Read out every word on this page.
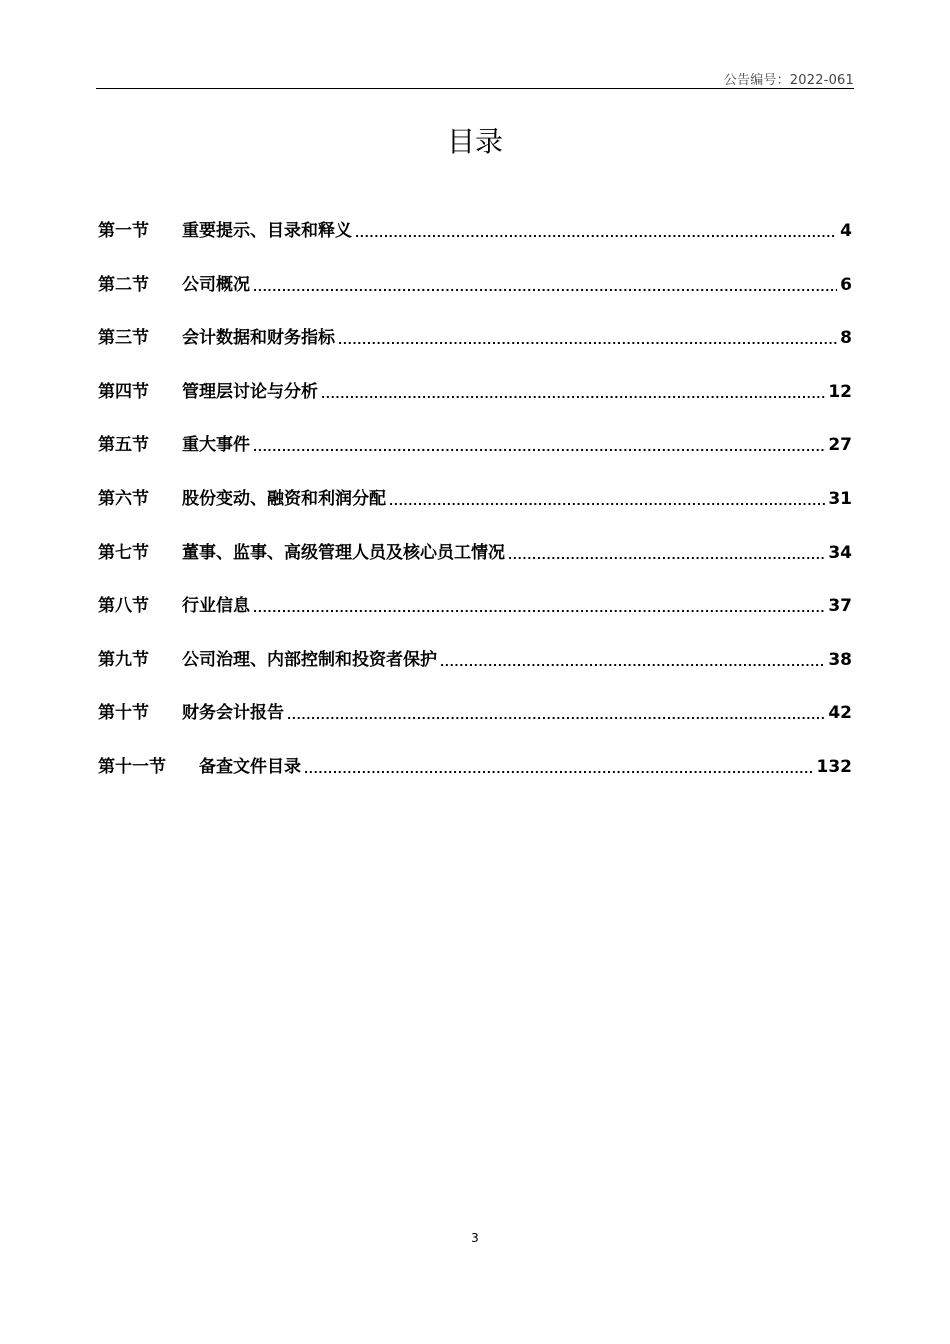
公告编号：2022-061
目录
第一节	重要提示、目录和释义 . . .	4
第二节	公司概况 . . .	6
第三节	会计数据和财务指标 . . .	8
第四节	管理层讨论与分析 . . .	12
第五节	重大事件 . . .	27
第六节	股份变动、融资和利润分配 . . .	31
第七节	董事、监事、高级管理人员及核心员工情况 . . .	34
第八节	行业信息 . . .	37
第九节	公司治理、内部控制和投资者保护 . . .	38
第十节	财务会计报告 . . .	42
第十一节	备查文件目录 . . .	132
3
